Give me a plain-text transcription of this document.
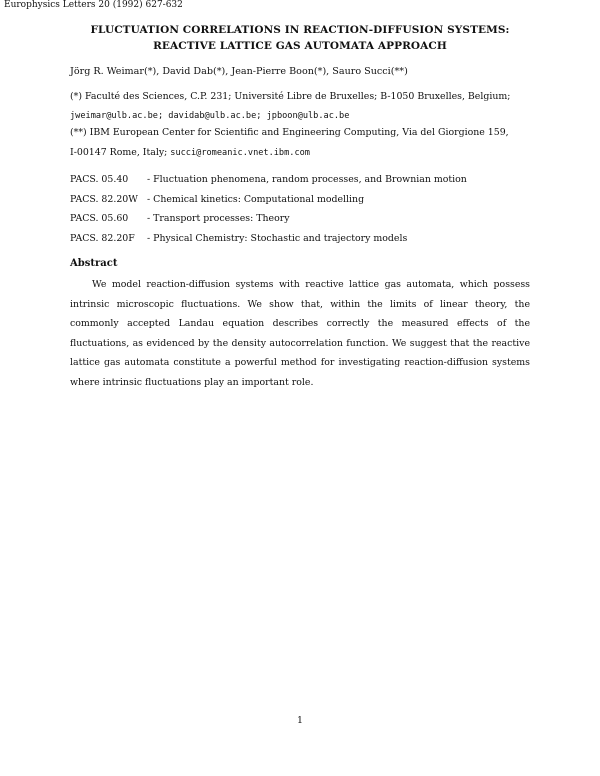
Europhysics Letters 20 (1992) 627-632
FLUCTUATION CORRELATIONS IN REACTION-DIFFUSION SYSTEMS:
REACTIVE LATTICE GAS AUTOMATA APPROACH
Jörg R. Weimar(*), David Dab(*), Jean-Pierre Boon(*), Sauro Succi(**)
(*) Faculté des Sciences, C.P. 231; Université Libre de Bruxelles; B-1050 Bruxelles, Belgium;
jweimar@ulb.ac.be; davidab@ulb.ac.be; jpboon@ulb.ac.be
(**) IBM European Center for Scientific and Engineering Computing, Via del Giorgione 159,
I-00147 Rome, Italy; succi@romeanic.vnet.ibm.com
PACS. 05.40 - Fluctuation phenomena, random processes, and Brownian motion
PACS. 82.20W - Chemical kinetics: Computational modelling
PACS. 05.60 - Transport processes: Theory
PACS. 82.20F - Physical Chemistry: Stochastic and trajectory models
Abstract

We model reaction-diffusion systems with reactive lattice gas automata, which possess intrinsic microscopic fluctuations. We show that, within the limits of linear theory, the commonly accepted Landau equation describes correctly the measured effects of the fluctuations, as evidenced by the density autocorrelation function. We suggest that the reactive lattice gas automata constitute a powerful method for investigating reaction-diffusion systems where intrinsic fluctuations play an important role.

1
